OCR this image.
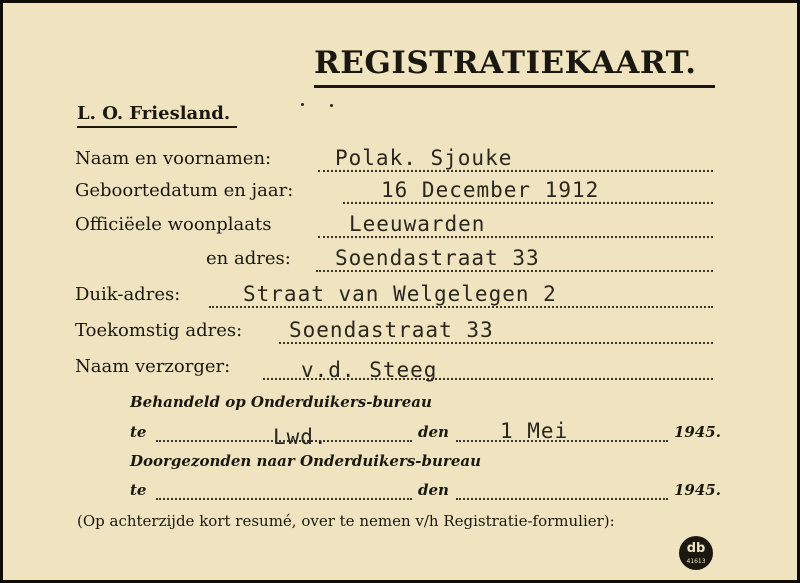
REGISTRATIEKAART.
L. O. Friesland.
Naam en voornamen:	Polak. Sjouke
Geboortedatum en jaar:	16 December 1912
Officiëele woonplaats	Leeuwarden
en adres: Soendastraat 33
Duik-adres:	Straat van Welgelegen 2
Toekomstig adres: Soendastraat 33
Naam verzorger:	v.d. Steeg
Behandeld op Onderduikers-bureau
te	Lwd.	den 1 Mei	1945.
Doorgezonden naar Onderduikers-bureau
te	den	1945.
(Op achterzijde kort resumé, over te nemen v/h Registratie-formulier):
db
41613
